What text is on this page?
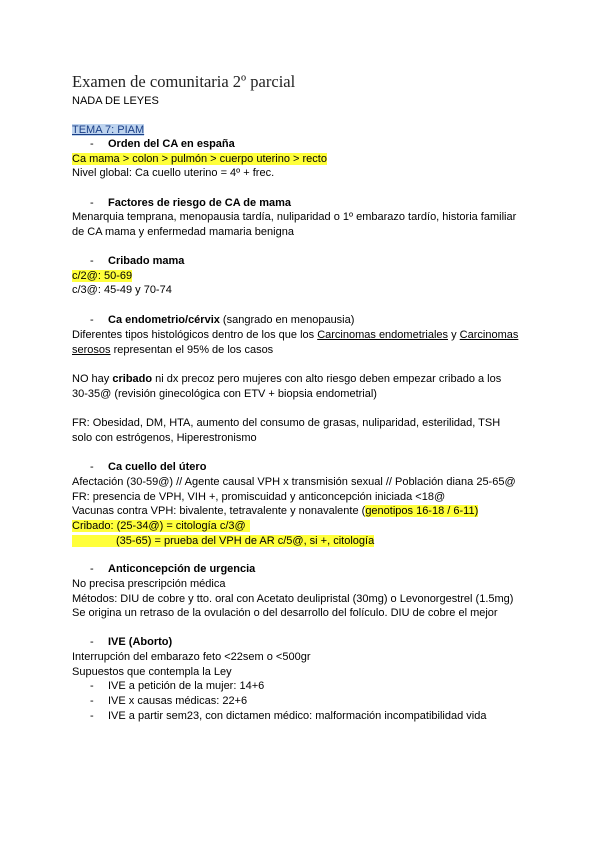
Examen de comunitaria 2º parcial
NADA DE LEYES
TEMA 7: PIAM
- Orden del CA en españa
Ca mama > colon > pulmón > cuerpo uterino > recto
Nivel global: Ca cuello uterino = 4º + frec.
- Factores de riesgo de CA de mama
Menarquia temprana, menopausia tardía, nuliparidad o 1º embarazo tardío, historia familiar
de CA mama y enfermedad mamaria benigna
- Cribado mama
c/2@: 50-69
c/3@: 45-49 y 70-74
- Ca endometrio/cérvix (sangrado en menopausia)
Diferentes tipos histológicos dentro de los que los Carcinomas endometriales y Carcinomas
serosos representan el 95% de los casos
NO hay cribado ni dx precoz pero mujeres con alto riesgo deben empezar cribado a los
30-35@ (revisión ginecológica con ETV + biopsia endometrial)
FR: Obesidad, DM, HTA, aumento del consumo de grasas, nuliparidad, esterilidad, TSH
solo con estrógenos, Hiperestronismo
- Ca cuello del útero
Afectación (30-59@) // Agente causal VPH x transmisión sexual // Población diana 25-65@
FR: presencia de VPH, VIH +, promiscuidad y anticoncepción iniciada <18@
Vacunas contra VPH: bivalente, tetravalente y nonavalente (genotipos 16-18 / 6-11)
Cribado: (25-34@) = citología c/3@
(35-65) = prueba del VPH de AR c/5@, si +, citología
- Anticoncepción de urgencia
No precisa prescripción médica
Métodos: DIU de cobre y tto. oral con Acetato deulipristal (30mg) o Levonorgestrel (1.5mg)
Se origina un retraso de la ovulación o del desarrollo del folículo. DIU de cobre el mejor
- IVE (Aborto)
Interrupción del embarazo feto <22sem o <500gr
Supuestos que contempla la Ley
- IVE a petición de la mujer: 14+6
- IVE x causas médicas: 22+6
- IVE a partir sem23, con dictamen médico: malformación incompatibilidad vida
